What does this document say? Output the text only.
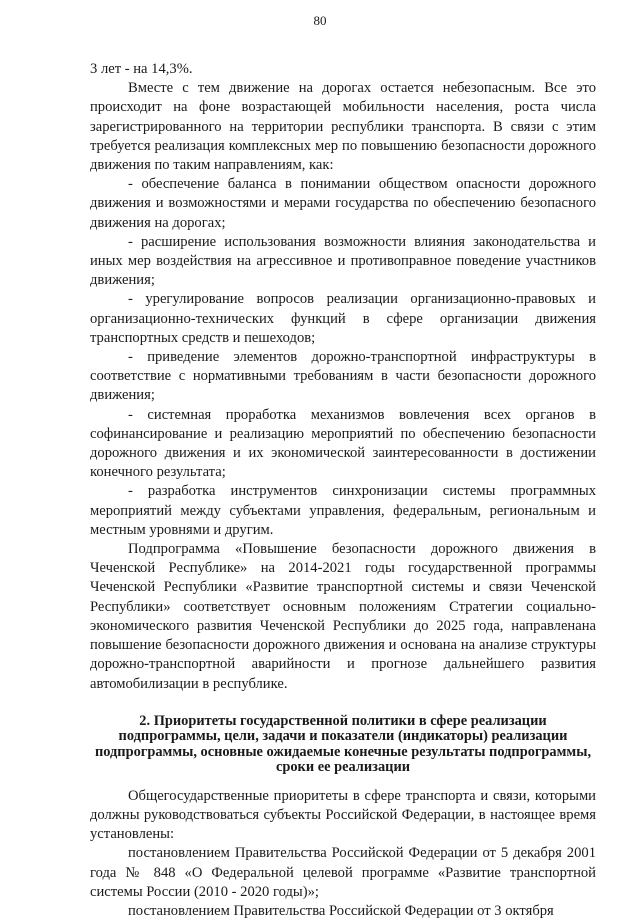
80

3 лет - на 14,3%.

Вместе с тем движение на дорогах остается небезопасным. Все это происходит на фоне возрастающей мобильности населения, роста числа зарегистрированного на территории республики транспорта. В связи с этим требуется реализация комплексных мер по повышению безопасности дорожного движения по таким направлениям, как:

- обеспечение баланса в понимании обществом опасности дорожного движения и возможностями и мерами государства по обеспечению безопасного движения на дорогах;

- расширение использования возможности влияния законодательства и иных мер воздействия на агрессивное и противоправное поведение участников движения;

- урегулирование вопросов реализации организационно-правовых и организационно-технических функций в сфере организации движения транспортных средств и пешеходов;

- приведение элементов дорожно-транспортной инфраструктуры в соответствие с нормативными требованиям в части безопасности дорожного движения;

- системная проработка механизмов вовлечения всех органов в софинансирование и реализацию мероприятий по обеспечению безопасности дорожного движения и их экономической заинтересованности в достижении конечного результата;

- разработка инструментов синхронизации системы программных мероприятий между субъектами управления, федеральным, региональным и местным уровнями и другим.

Подпрограмма «Повышение безопасности дорожного движения в Чеченской Республике» на 2014-2021 годы государственной программы Чеченской Республики «Развитие транспортной системы и связи Чеченской Республики» соответствует основным положениям Стратегии социально-экономического развития Чеченской Республики до 2025 года, направленана повышение безопасности дорожного движения и основана на анализе структуры дорожно-транспортной аварийности и прогнозе дальнейшего развития автомобилизации в республике.

2. Приоритеты государственной политики в сфере реализации подпрограммы, цели, задачи и показатели (индикаторы) реализации подпрограммы, основные ожидаемые конечные результаты подпрограммы, сроки ее реализации

Общегосударственные приоритеты в сфере транспорта и связи, которыми должны руководствоваться субъекты Российской Федерации, в настоящее время установлены:

постановлением Правительства Российской Федерации от 5 декабря 2001 года № 848 «О Федеральной целевой программе «Развитие транспортной системы России (2010 - 2020 годы)»;

постановлением Правительства Российской Федерации от 3 октября
